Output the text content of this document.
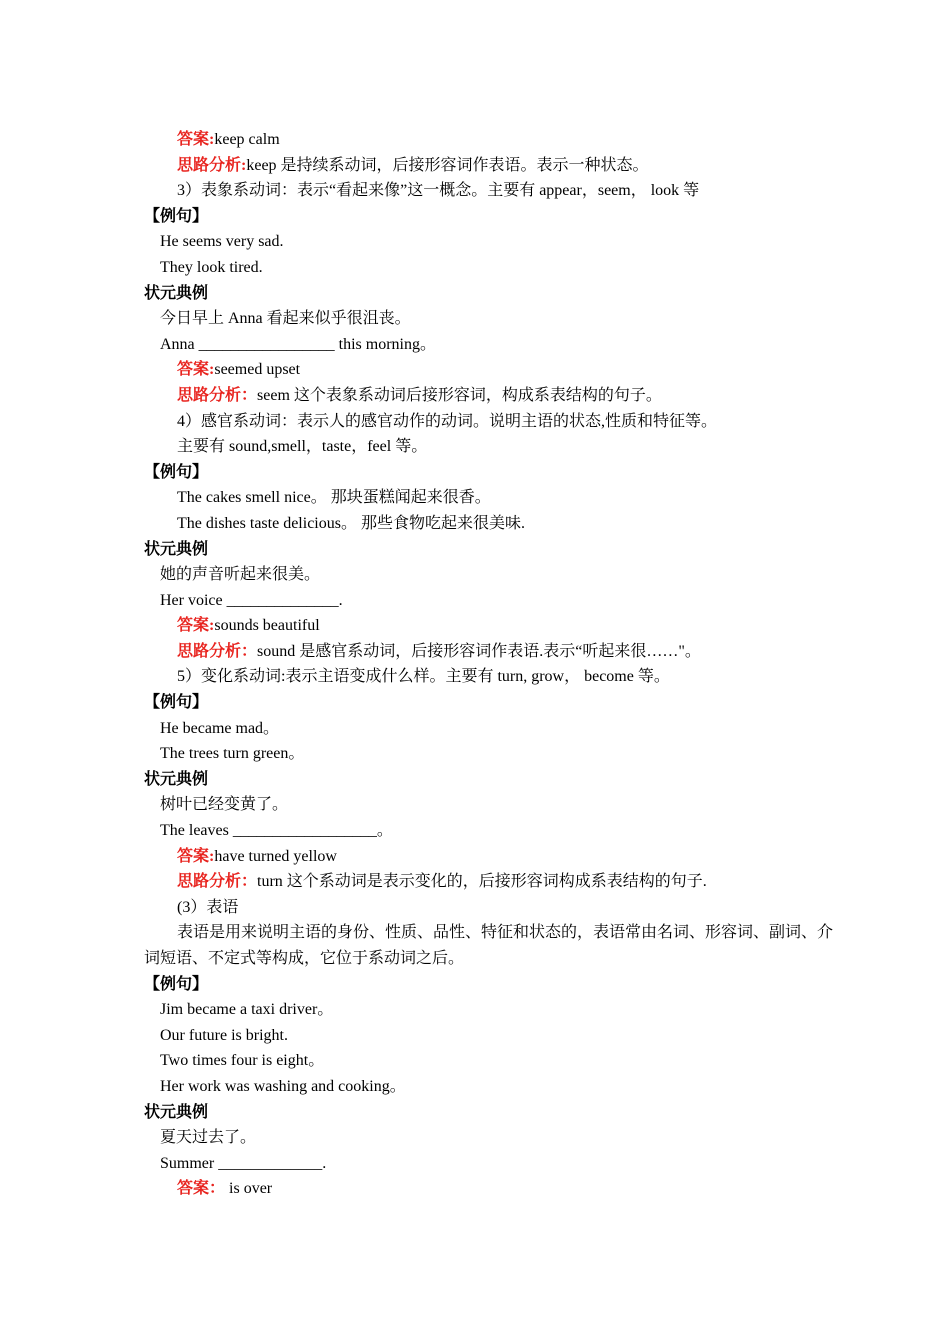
答案:keep calm
思路分析:keep 是持续系动词，后接形容词作表语。表示一种状态。
3）表象系动词：表示“看起来像”这一概念。主要有 appear，seem， look 等
【例句】
He seems very sad.
They look tired.
状元典例
今日早上 Anna 看起来似乎很沮丧。
Anna _________________ this morning。
答案:seemed upset
思路分析：seem 这个表象系动词后接形容词，构成系表结构的句子。
4）感官系动词：表示人的感官动作的动词。说明主语的状态,性质和特征等。
主要有 sound,smell，taste，feel 等。
【例句】
The cakes smell nice。 那块蛋糕闻起来很香。
The dishes taste delicious。 那些食物吃起来很美味.
状元典例
她的声音听起来很美。
Her voice ______________.
答案:sounds beautiful
思路分析：sound 是感官系动词，后接形容词作表语.表示“听起来很……"。
5）变化系动词:表示主语变成什么样。主要有 turn, grow， become 等。
【例句】
He became mad。
The trees turn green。
状元典例
树叶已经变黄了。
The leaves __________________。
答案:have turned yellow
思路分析：turn 这个系动词是表示变化的，后接形容词构成系表结构的句子.
(3）表语
表语是用来说明主语的身份、性质、品性、特征和状态的，表语常由名词、形容词、副词、介词短语、不定式等构成，它位于系动词之后。
【例句】
Jim became a taxi driver。
Our future is bright.
Two times four is eight。
Her work was washing and cooking。
状元典例
夏天过去了。
Summer _____________.
答案： is over
